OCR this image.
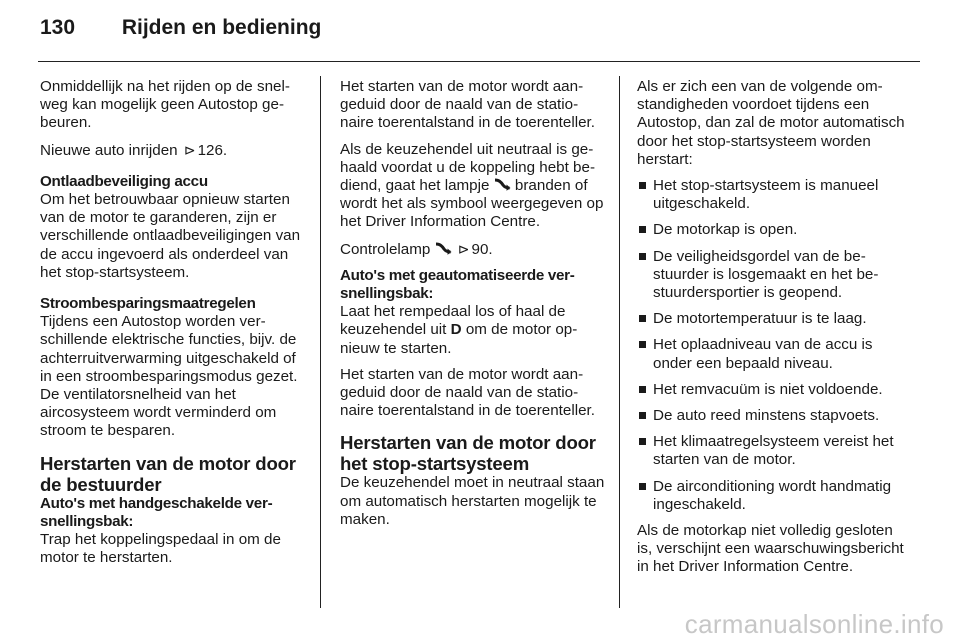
130 Rijden en bediening

Onmiddellijk na het rijden op de snelweg kan mogelijk geen Autostop gebeuren.

Nieuwe auto inrijden ⊳ 126.

Ontlaadbeveiliging accu
Om het betrouwbaar opnieuw starten van de motor te garanderen, zijn er verschillende ontlaadbeveiligingen van de accu ingevoerd als onderdeel van het stop-startsysteem.

Stroombesparingsmaatregelen
Tijdens een Autostop worden verschillende elektrische functies, bijv. de achterruitverwarming uitgeschakeld of in een stroombesparingsmodus gezet. De ventilatorsnelheid van het aircosysteem wordt verminderd om stroom te besparen.

Herstarten van de motor door de bestuurder

Auto's met handgeschakelde versnellingsbak:
Trap het koppelingspedaal in om de motor te herstarten.

Het starten van de motor wordt aangeduid door de naald van de stationaire toerentalstand in de toerenteller.

Als de keuzehendel uit neutraal is gehaald voordat u de koppeling hebt bediend, gaat het lampje branden of wordt het als symbool weergegeven op het Driver Information Centre.

Controlelamp ⊳ 90.

Auto's met geautomatiseerde versnellingsbak:
Laat het rempedaal los of haal de keuzehendel uit D om de motor opnieuw te starten.

Het starten van de motor wordt aangeduid door de naald van de stationaire toerentalstand in de toerenteller.

Herstarten van de motor door het stop-startsysteem

De keuzehendel moet in neutraal staan om automatisch herstarten mogelijk te maken.

Als er zich een van de volgende omstandigheden voordoet tijdens een Autostop, dan zal de motor automatisch door het stop-startsysteem worden herstart:

Het stop-startsysteem is manueel uitgeschakeld.
De motorkap is open.
De veiligheidsgordel van de bestuurder is losgemaakt en het bestuurdersportier is geopend.
De motortemperatuur is te laag.
Het oplaadniveau van de accu is onder een bepaald niveau.
Het remvacuüm is niet voldoende.
De auto reed minstens stapvoets.
Het klimaatregelsysteem vereist het starten van de motor.
De airconditioning wordt handmatig ingeschakeld.

Als de motorkap niet volledig gesloten is, verschijnt een waarschuwingsbericht in het Driver Information Centre.

carmanualsonline.info
